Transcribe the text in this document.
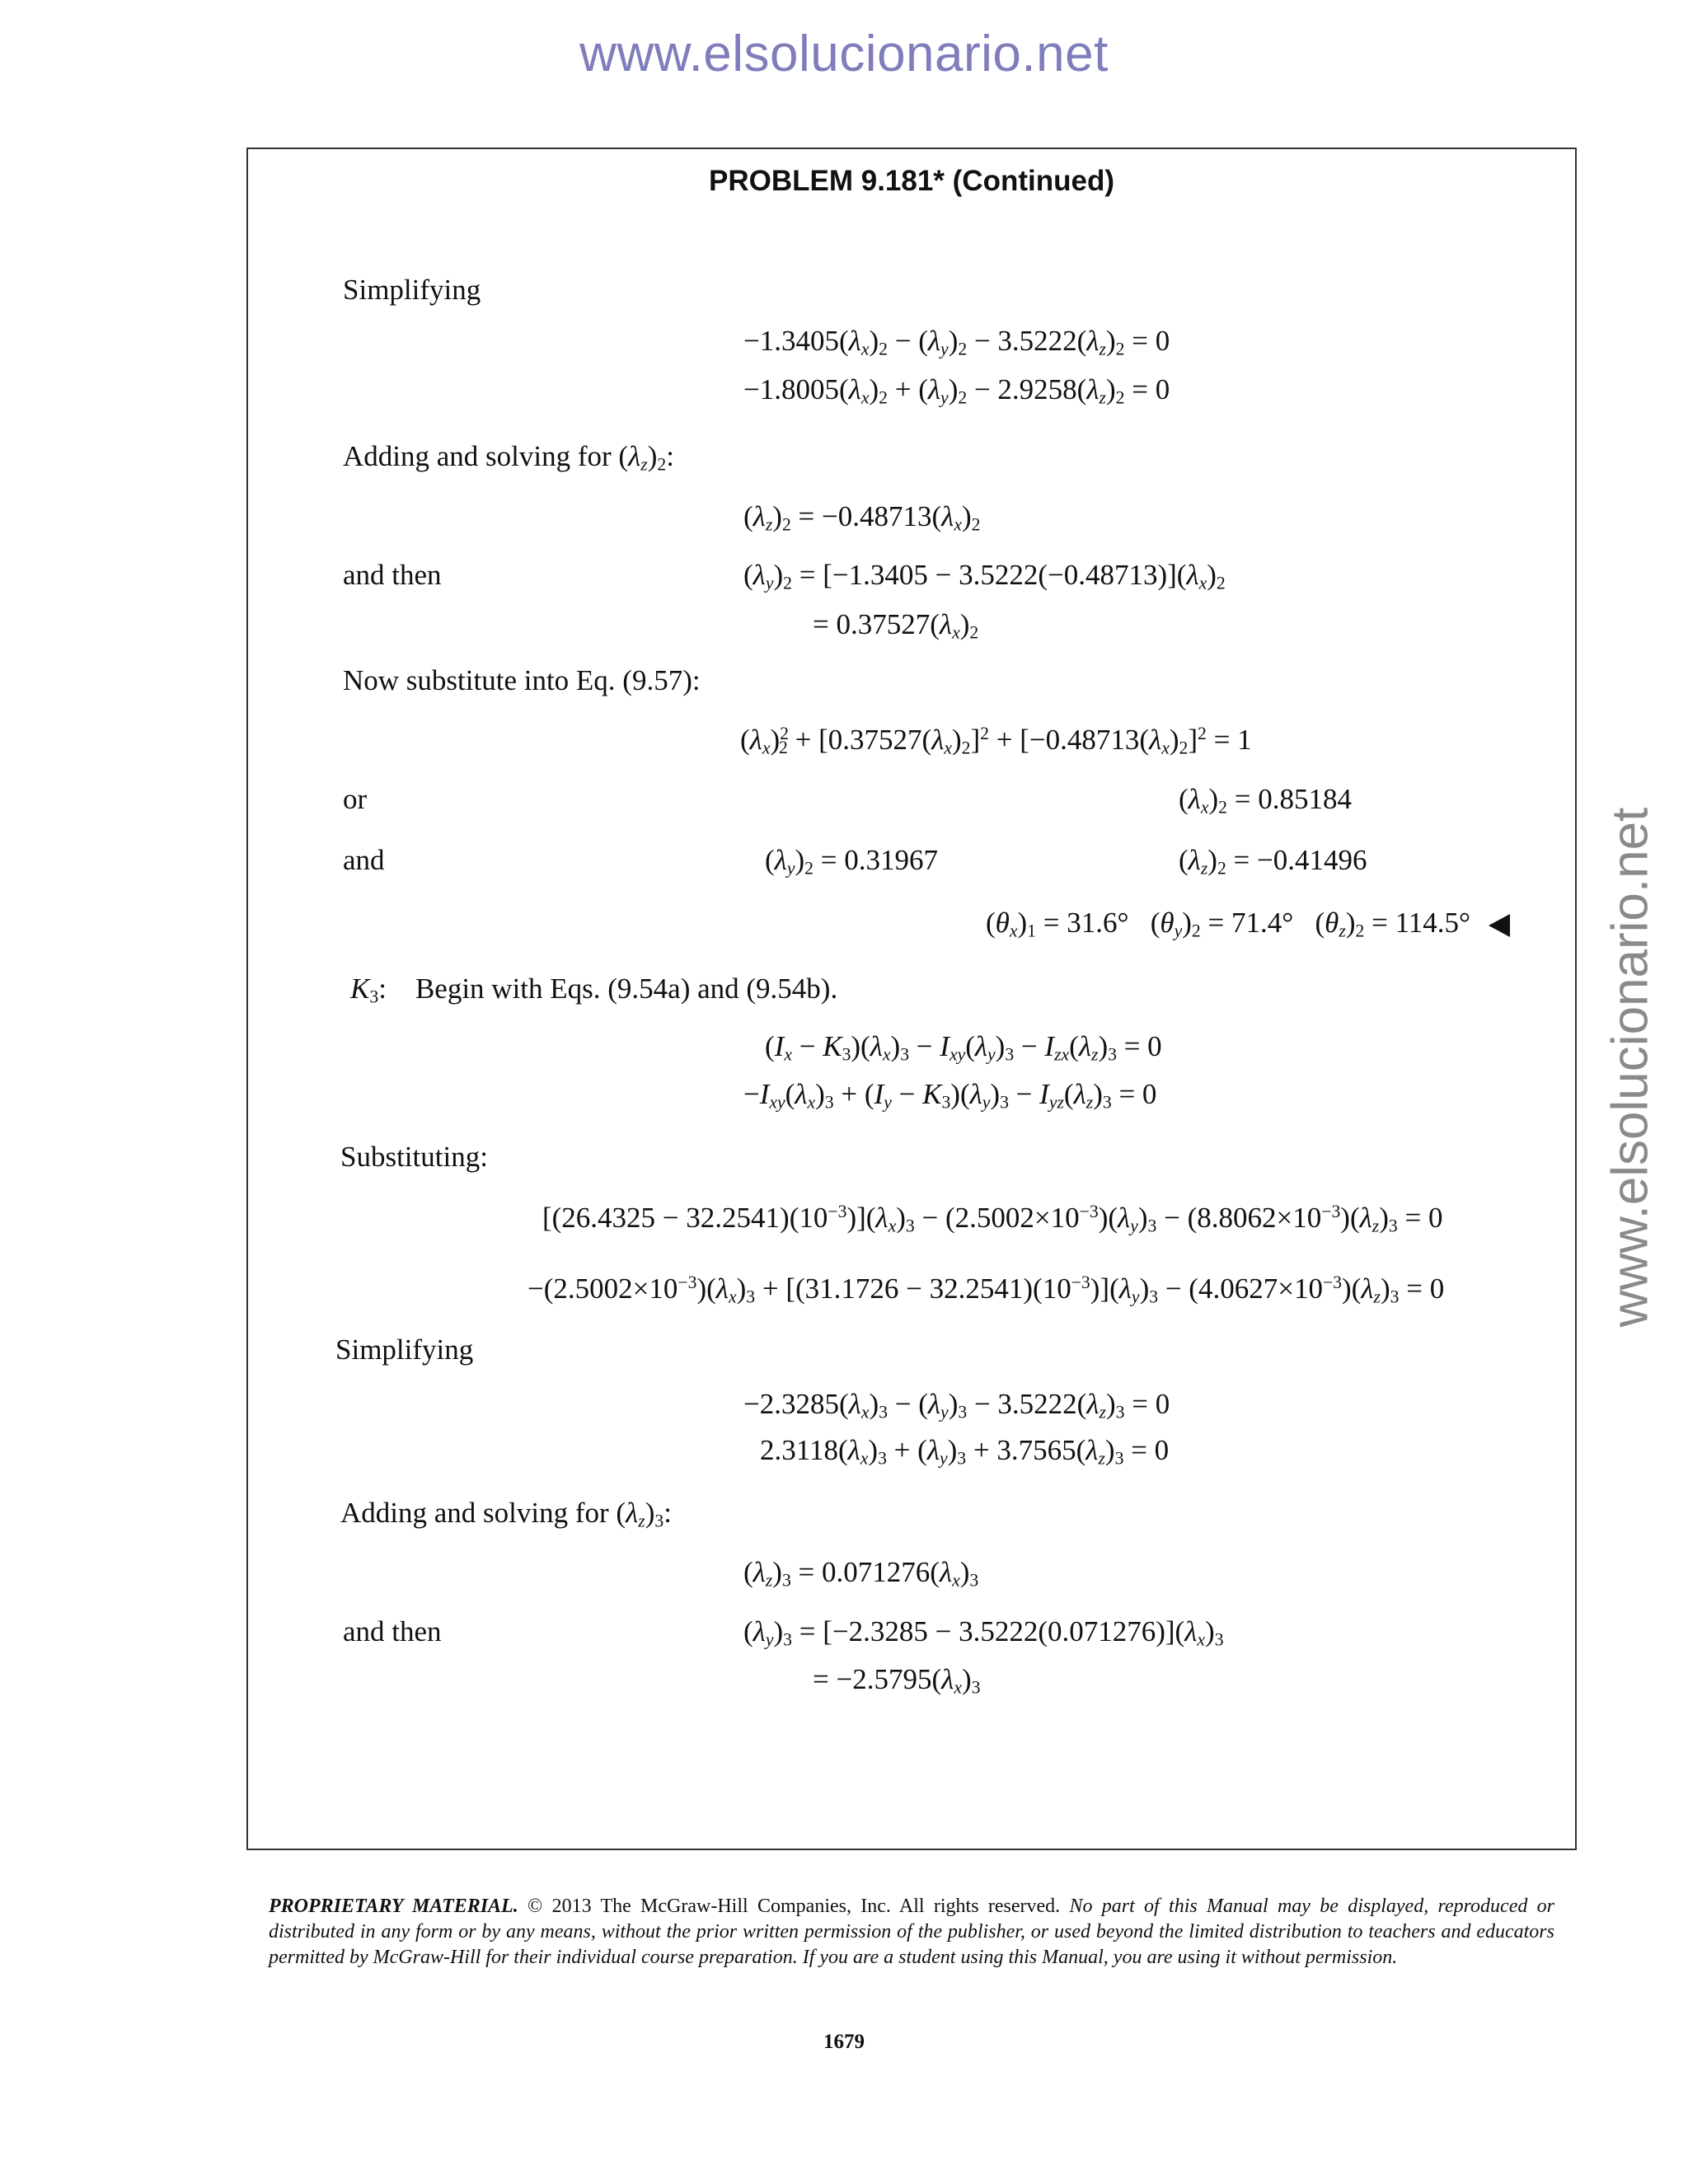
www.elsolucionario.net
www.elsolucionario.net
PROBLEM 9.181* (Continued)
Simplifying
$-1.3405(\lambda_x)_2 - (\lambda_y)_2 - 3.5222(\lambda_z)_2 = 0$
$-1.8005(\lambda_x)_2 + (\lambda_y)_2 - 2.9258(\lambda_z)_2 = 0$
Adding and solving for $(\lambda_z)_2$:
$(\lambda_z)_2 = -0.48713(\lambda_x)_2$
and then	$(\lambda_y)_2 = [-1.3405 - 3.5222(-0.48713)](\lambda_x)_2$
= $0.37527(\lambda_x)_2$
Now substitute into Eq. (9.57):
$(\lambda_x)^2_2 + [0.37527(\lambda_x)_2]^2 + [-0.48713(\lambda_x)_2]^2 = 1$
or	$(\lambda_x)_2 = 0.85184$
and	$(\lambda_y)_2 = 0.31967$	$(\lambda_z)_2 = -0.41496$
$(\theta_x)_1 = 31.6^\circ$   $(\theta_y)_2 = 71.4^\circ$   $(\theta_z)_2 = 114.5^\circ$
$K_3$:    Begin with Eqs. (9.54a) and (9.54b).
$(I_x - K_3)(\lambda_x)_3 - I_{xy}(\lambda_y)_3 - I_{zx}(\lambda_z)_3 = 0$
$-I_{xy}(\lambda_x)_3 + (I_y - K_3)(\lambda_y)_3 - I_{yz}(\lambda_z)_3 = 0$
Substituting:
$[(26.4325 - 32.2541)(10^{-3})](\lambda_x)_3 - (2.5002\times 10^{-3})(\lambda_y)_3 - (8.8062\times 10^{-3})(\lambda_z)_3 = 0$
$-(2.5002\times 10^{-3})(\lambda_x)_3 + [(31.1726 - 32.2541)(10^{-3})](\lambda_y)_3 - (4.0627\times 10^{-3})(\lambda_z)_3 = 0$
Simplifying
$-2.3285(\lambda_x)_3 - (\lambda_y)_3 - 3.5222(\lambda_z)_3 = 0$
$2.3118(\lambda_x)_3 + (\lambda_y)_3 + 3.7565(\lambda_z)_3 = 0$
Adding and solving for $(\lambda_z)_3$:
$(\lambda_z)_3 = 0.071276(\lambda_x)_3$
and then	$(\lambda_y)_3 = [-2.3285 - 3.5222(0.071276)](\lambda_x)_3$
= $-2.5795(\lambda_x)_3$
PROPRIETARY MATERIAL. © 2013 The McGraw-Hill Companies, Inc. All rights reserved. No part of this Manual may be displayed, reproduced or distributed in any form or by any means, without the prior written permission of the publisher, or used beyond the limited distribution to teachers and educators permitted by McGraw-Hill for their individual course preparation. If you are a student using this Manual, you are using it without permission.
1679
